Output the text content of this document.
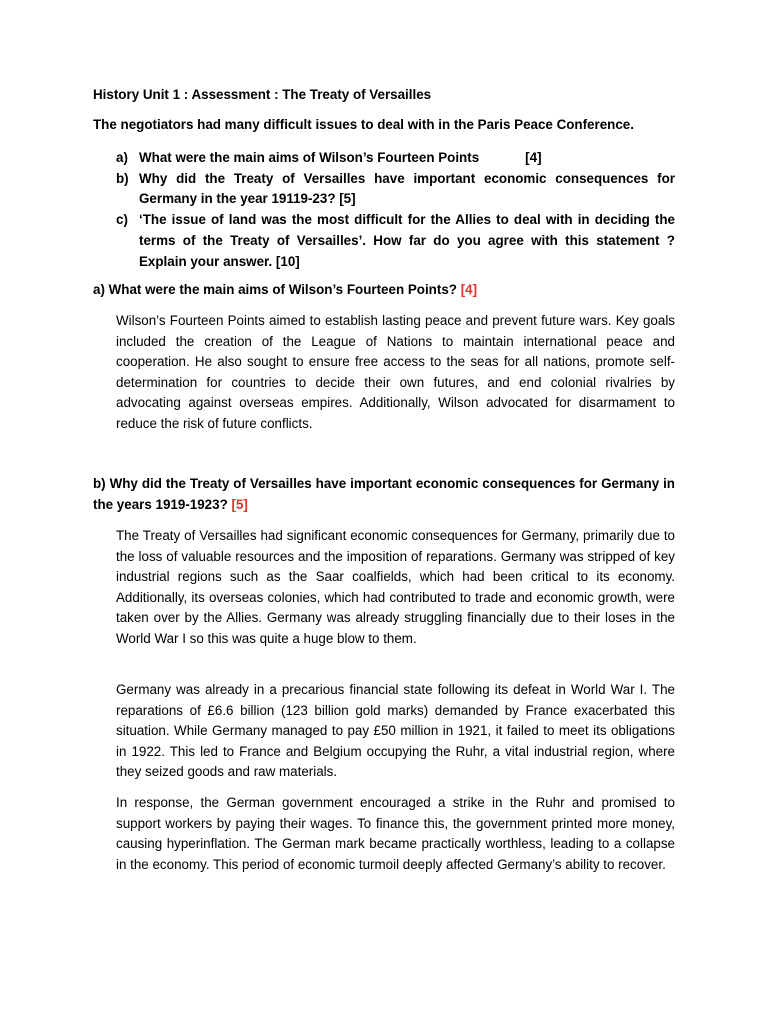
History Unit 1 : Assessment : The Treaty of Versailles
The negotiators had many difficult issues to deal with in the Paris Peace Conference.
a) What were the main aims of Wilson’s Fourteen Points	[4]
b) Why did the Treaty of Versailles have important economic consequences for Germany in the year 19119-23? [5]
c) ‘The issue of land was the most difficult for the Allies to deal with in deciding the terms of the Treaty of Versailles’. How far do you agree with this statement ? Explain your answer. [10]
a) What were the main aims of Wilson’s Fourteen Points? [4]
Wilson’s Fourteen Points aimed to establish lasting peace and prevent future wars. Key goals included the creation of the League of Nations to maintain international peace and cooperation. He also sought to ensure free access to the seas for all nations, promote self-determination for countries to decide their own futures, and end colonial rivalries by advocating against overseas empires. Additionally, Wilson advocated for disarmament to reduce the risk of future conflicts.
b) Why did the Treaty of Versailles have important economic consequences for Germany in the years 1919-1923? [5]
The Treaty of Versailles had significant economic consequences for Germany, primarily due to the loss of valuable resources and the imposition of reparations. Germany was stripped of key industrial regions such as the Saar coalfields, which had been critical to its economy. Additionally, its overseas colonies, which had contributed to trade and economic growth, were taken over by the Allies. Germany was already struggling financially due to their loses in the World War I so this was quite a huge blow to them.
Germany was already in a precarious financial state following its defeat in World War I. The reparations of £6.6 billion (123 billion gold marks) demanded by France exacerbated this situation. While Germany managed to pay £50 million in 1921, it failed to meet its obligations in 1922. This led to France and Belgium occupying the Ruhr, a vital industrial region, where they seized goods and raw materials.
In response, the German government encouraged a strike in the Ruhr and promised to support workers by paying their wages. To finance this, the government printed more money, causing hyperinflation. The German mark became practically worthless, leading to a collapse in the economy. This period of economic turmoil deeply affected Germany’s ability to recover.
